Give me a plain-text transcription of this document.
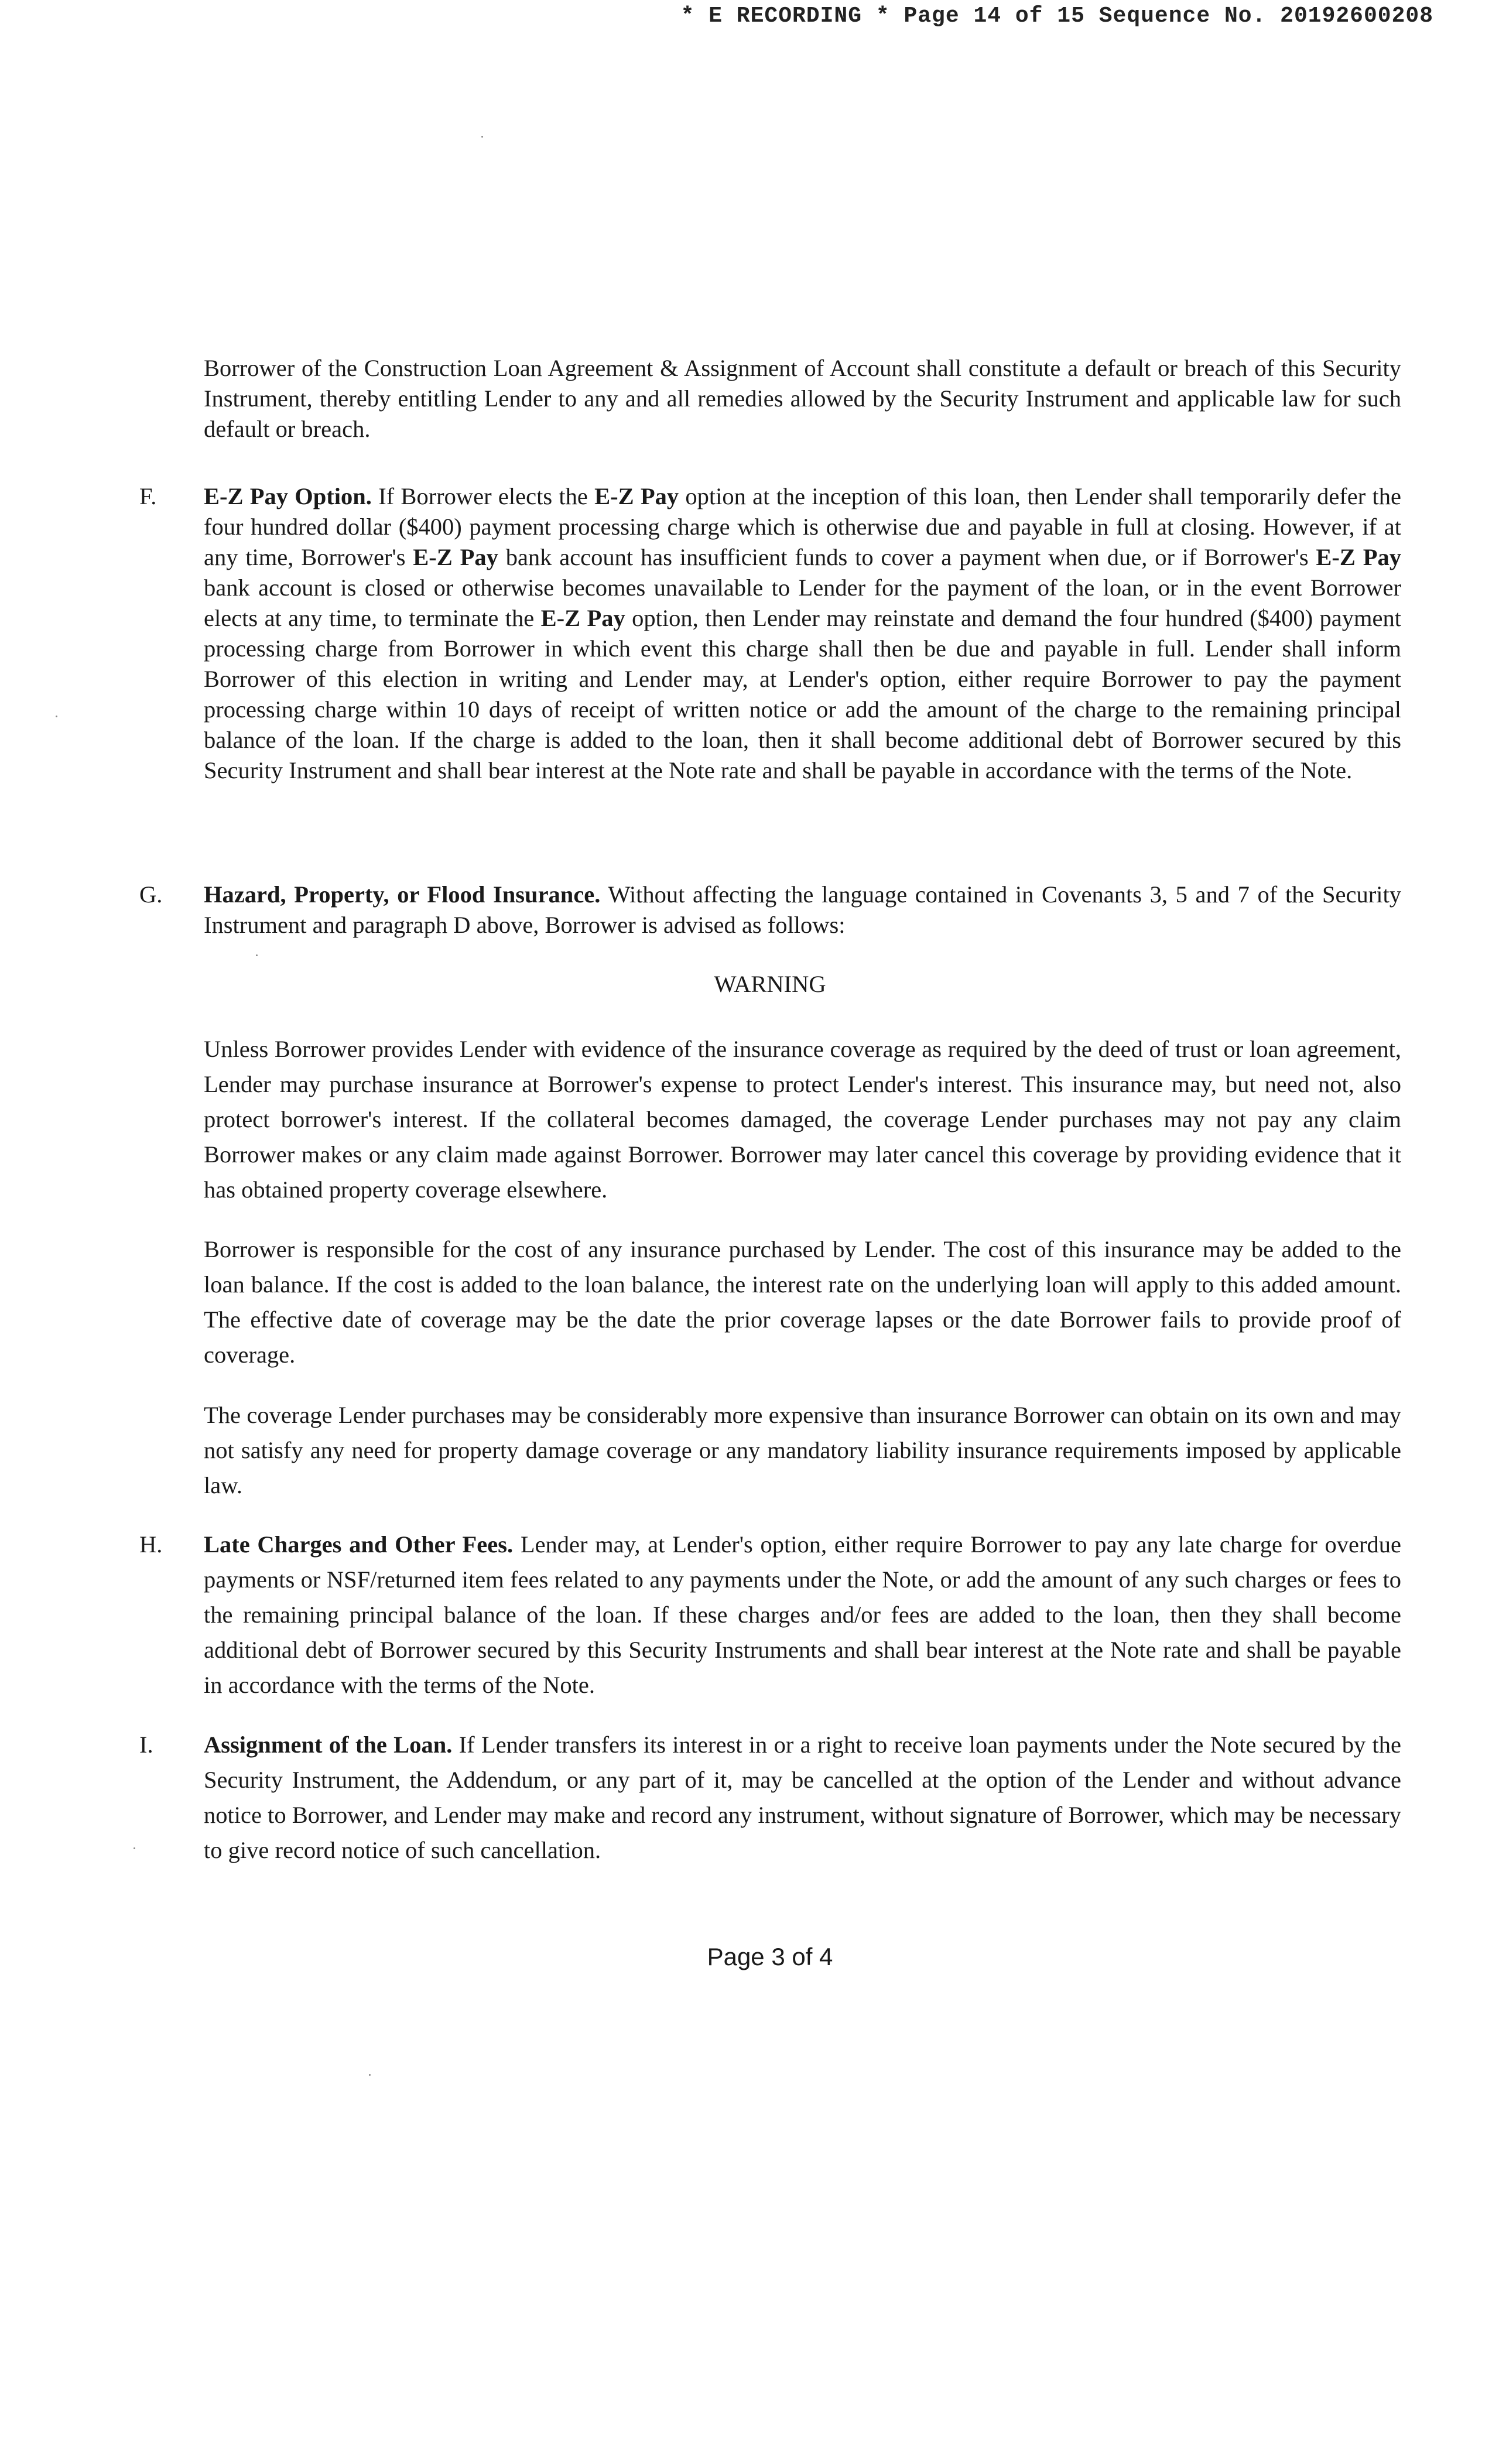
* E RECORDING * Page 14 of 15 Sequence No. 20192600208
Borrower of the Construction Loan Agreement & Assignment of Account shall constitute a default or breach of this Security Instrument, thereby entitling Lender to any and all remedies allowed by the Security Instrument and applicable law for such default or breach.
F. E-Z Pay Option. If Borrower elects the E-Z Pay option at the inception of this loan, then Lender shall temporarily defer the four hundred dollar ($400) payment processing charge which is otherwise due and payable in full at closing. However, if at any time, Borrower's E-Z Pay bank account has insufficient funds to cover a payment when due, or if Borrower's E-Z Pay bank account is closed or otherwise becomes unavailable to Lender for the payment of the loan, or in the event Borrower elects at any time, to terminate the E-Z Pay option, then Lender may reinstate and demand the four hundred ($400) payment processing charge from Borrower in which event this charge shall then be due and payable in full. Lender shall inform Borrower of this election in writing and Lender may, at Lender's option, either require Borrower to pay the payment processing charge within 10 days of receipt of written notice or add the amount of the charge to the remaining principal balance of the loan. If the charge is added to the loan, then it shall become additional debt of Borrower secured by this Security Instrument and shall bear interest at the Note rate and shall be payable in accordance with the terms of the Note.
G. Hazard, Property, or Flood Insurance. Without affecting the language contained in Covenants 3, 5 and 7 of the Security Instrument and paragraph D above, Borrower is advised as follows:
WARNING
Unless Borrower provides Lender with evidence of the insurance coverage as required by the deed of trust or loan agreement, Lender may purchase insurance at Borrower's expense to protect Lender's interest. This insurance may, but need not, also protect borrower's interest. If the collateral becomes damaged, the coverage Lender purchases may not pay any claim Borrower makes or any claim made against Borrower. Borrower may later cancel this coverage by providing evidence that it has obtained property coverage elsewhere.
Borrower is responsible for the cost of any insurance purchased by Lender. The cost of this insurance may be added to the loan balance. If the cost is added to the loan balance, the interest rate on the underlying loan will apply to this added amount. The effective date of coverage may be the date the prior coverage lapses or the date Borrower fails to provide proof of coverage.
The coverage Lender purchases may be considerably more expensive than insurance Borrower can obtain on its own and may not satisfy any need for property damage coverage or any mandatory liability insurance requirements imposed by applicable law.
H. Late Charges and Other Fees. Lender may, at Lender's option, either require Borrower to pay any late charge for overdue payments or NSF/returned item fees related to any payments under the Note, or add the amount of any such charges or fees to the remaining principal balance of the loan. If these charges and/or fees are added to the loan, then they shall become additional debt of Borrower secured by this Security Instruments and shall bear interest at the Note rate and shall be payable in accordance with the terms of the Note.
I. Assignment of the Loan. If Lender transfers its interest in or a right to receive loan payments under the Note secured by the Security Instrument, the Addendum, or any part of it, may be cancelled at the option of the Lender and without advance notice to Borrower, and Lender may make and record any instrument, without signature of Borrower, which may be necessary to give record notice of such cancellation.
Page 3 of 4
